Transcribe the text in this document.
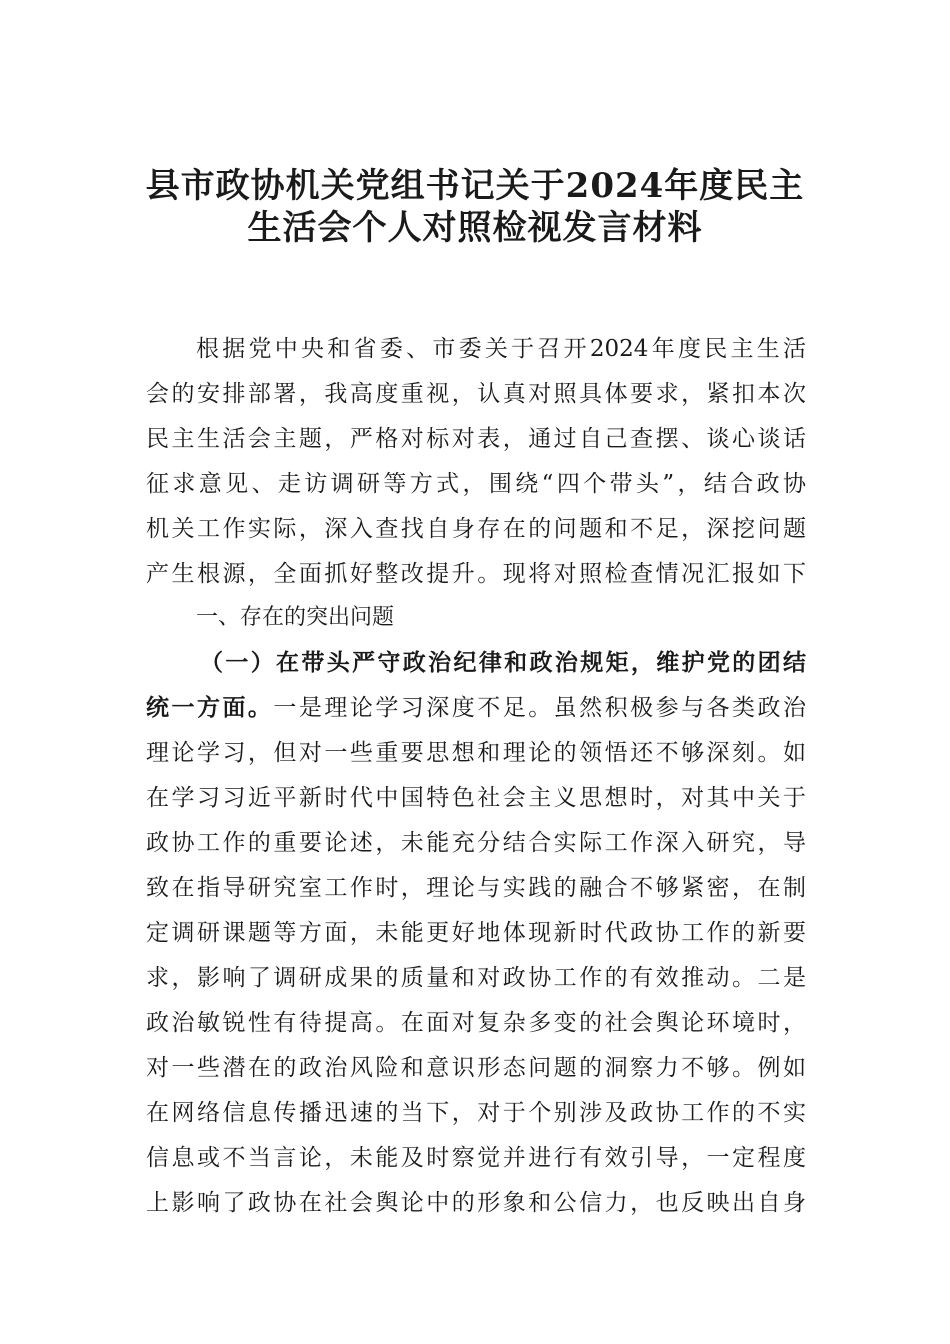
县市政协机关党组书记关于2024年度民主
生活会个人对照检视发言材料
根据党中央和省委、市委关于召开2024年度民主生活
会的安排部署，我高度重视，认真对照具体要求，紧扣本次
民主生活会主题，严格对标对表，通过自己查摆、谈心谈话
征求意见、走访调研等方式，围绕“四个带头”，结合政协
机关工作实际，深入查找自身存在的问题和不足，深挖问题
产生根源，全面抓好整改提升。现将对照检查情况汇报如下
一、存在的突出问题
（一）在带头严守政治纪律和政治规矩，维护党的团结
统一方面。一是理论学习深度不足。虽然积极参与各类政治
理论学习，但对一些重要思想和理论的领悟还不够深刻。如
在学习习近平新时代中国特色社会主义思想时，对其中关于
政协工作的重要论述，未能充分结合实际工作深入研究，导
致在指导研究室工作时，理论与实践的融合不够紧密，在制
定调研课题等方面，未能更好地体现新时代政协工作的新要
求，影响了调研成果的质量和对政协工作的有效推动。二是
政治敏锐性有待提高。在面对复杂多变的社会舆论环境时，
对一些潜在的政治风险和意识形态问题的洞察力不够。例如
在网络信息传播迅速的当下，对于个别涉及政协工作的不实
信息或不当言论，未能及时察觉并进行有效引导，一定程度
上影响了政协在社会舆论中的形象和公信力，也反映出自身
